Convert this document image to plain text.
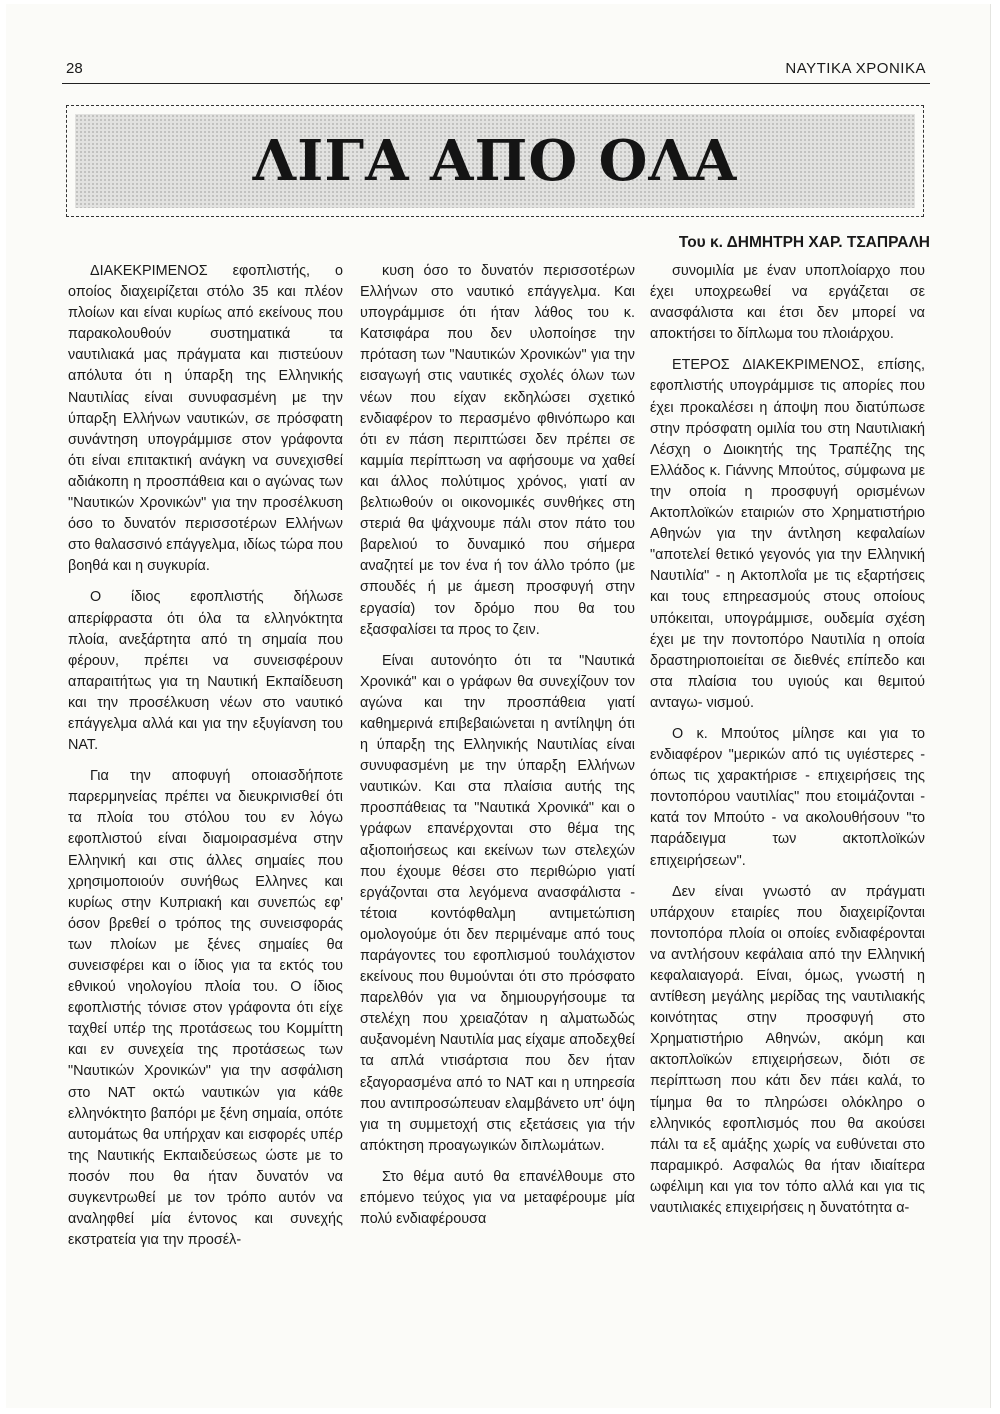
28	ΝΑΥΤΙΚΑ ΧΡΟΝΙΚΑ
ΛΙΓΑ ΑΠΟ ΟΛΑ
Του κ. ΔΗΜΗΤΡΗ ΧΑΡ. ΤΣΑΠΡΑΛΗ

ΔΙΑΚΕΚΡΙΜΕΝΟΣ εφοπλιστής, ο οποίος διαχειρίζεται στόλο 35 και πλέον πλοίων και είναι κυρίως από εκείνους που παρακολουθούν συστηματικά τα ναυτιλιακά μας πράγματα και πιστεύουν απόλυτα ότι η ύπαρξη της Ελληνικής Ναυτιλίας είναι συνυφασμένη με την ύπαρξη Ελλήνων ναυτικών, σε πρόσφατη συνάντηση υπογράμμισε στον γράφοντα ότι είναι επιτακτική ανάγκη να συνεχισθεί αδιάκοπη η προσπάθεια και ο αγώνας των "Ναυτικών Χρονικών" για την προσέλκυση όσο το δυνατόν περισσοτέρων Ελλήνων στο θαλασσινό επάγγελμα, ιδίως τώρα που βοηθά και η συγκυρία.

Ο ίδιος εφοπλιστής δήλωσε απερίφραστα ότι όλα τα ελληνόκτητα πλοία, ανεξάρτητα από τη σημαία που φέρουν, πρέπει να συνεισφέρουν απαραιτήτως για τη Ναυτική Εκπαίδευση και την προσέλκυση νέων στο ναυτικό επάγγελμα αλλά και για την εξυγίανση του ΝΑΤ.

Για την αποφυγή οποιασδήποτε παρερμηνείας πρέπει να διευκρινισθεί ότι τα πλοία του στόλου του εν λόγω εφοπλιστού είναι διαμοιρασμένα στην Ελληνική και στις άλλες σημαίες που χρησιμοποιούν συνήθως Ελληνες και κυρίως στην Κυπριακή και συνεπώς εφ' όσον βρεθεί ο τρόπος της συνεισφοράς των πλοίων με ξένες σημαίες θα συνεισφέρει και ο ίδιος για τα εκτός του εθνικού νηολογίου πλοία του. Ο ίδιος εφοπλιστής τόνισε στον γράφοντα ότι είχε ταχθεί υπέρ της προτάσεως του Κομμίττη και εν συνεχεία της προτάσεως των "Ναυτικών Χρονικών" για την ασφάλιση στο ΝΑΤ οκτώ ναυτικών για κάθε ελληνόκτητο βαπόρι με ξένη σημαία, οπότε αυτομάτως θα υπήρχαν και εισφορές υπέρ της Ναυτικής Εκπαιδεύσεως ώστε με το ποσόν που θα ήταν δυνατόν να συγκεντρωθεί με τον τρόπο αυτόν να αναληφθεί μία έντονος και συνεχής εκστρατεία για την προσέλ-

κυση όσο το δυνατόν περισσοτέρων Ελλήνων στο ναυτικό επάγγελμα. Και υπογράμμισε ότι ήταν λάθος του κ. Κατσιφάρα που δεν υλοποίησε την πρόταση των "Ναυτικών Χρονικών" για την εισαγωγή στις ναυτικές σχολές όλων των νέων που είχαν εκδηλώσει σχετικό ενδιαφέρον το περασμένο φθινόπωρο και ότι εν πάση περιπτώσει δεν πρέπει σε καμμία περίπτωση να αφήσουμε να χαθεί και άλλος πολύτιμος χρόνος, γιατί αν βελτιωθούν οι οικονομικές συνθήκες στη στεριά θα ψάχνουμε πάλι στον πάτο του βαρελιού το δυναμικό που σήμερα αναζητεί με τον ένα ή τον άλλο τρόπο (με σπουδές ή με άμεση προσφυγή στην εργασία) τον δρόμο που θα του εξασφαλίσει τα προς το ζειν.

Είναι αυτονόητο ότι τα "Ναυτικά Χρονικά" και ο γράφων θα συνεχίζουν τον αγώνα και την προσπάθεια γιατί καθημερινά επιβεβαιώνεται η αντίληψη ότι η ύπαρξη της Ελληνικής Ναυτιλίας είναι συνυφασμένη με την ύπαρξη Ελλήνων ναυτικών. Και στα πλαίσια αυτής της προσπάθειας τα "Ναυτικά Χρονικά" και ο γράφων επανέρχονται στο θέμα της αξιοποιήσεως και εκείνων των στελεχών που έχουμε θέσει στο περιθώριο γιατί εργάζονται στα λεγόμενα ανασφάλιστα - τέτοια κοντόφθαλμη αντιμετώπιση ομολογούμε ότι δεν περιμέναμε από τους παράγοντες του εφοπλισμού τουλάχιστον εκείνους που θυμούνται ότι στο πρόσφατο παρελθόν για να δημιουργήσουμε τα στελέχη που χρειαζόταν η αλματωδώς αυξανομένη Ναυτιλία μας είχαμε αποδεχθεί τα απλά ντισάρτσια που δεν ήταν εξαγορασμένα από το ΝΑΤ και η υπηρεσία που αντιπροσώπευαν ελαμβάνετο υπ' όψη για τη συμμετοχή στις εξετάσεις για τήν απόκτηση προαγωγικών διπλωμάτων.

Στο θέμα αυτό θα επανέλθουμε στο επόμενο τεύχος για να μεταφέρουμε μία πολύ ενδιαφέρουσα

συνομιλία με έναν υποπλοίαρχο που έχει υποχρεωθεί να εργάζεται σε ανασφάλιστα και έτσι δεν μπορεί να αποκτήσει το δίπλωμα του πλοιάρχου.

ΕΤΕΡΟΣ ΔΙΑΚΕΚΡΙΜΕΝΟΣ, επίσης, εφοπλιστής υπογράμμισε τις απορίες που έχει προκαλέσει η άποψη που διατύπωσε στην πρόσφατη ομιλία του στη Ναυτιλιακή Λέσχη ο Διοικητής της Τραπέζης της Ελλάδος κ. Γιάννης Μπούτος, σύμφωνα με την οποία η προσφυγή ορισμένων Ακτοπλοϊκών εταιριών στο Χρηματιστήριο Αθηνών για την άντληση κεφαλαίων "αποτελεί θετικό γεγονός για την Ελληνική Ναυτιλία" - η Ακτοπλοΐα με τις εξαρτήσεις και τους επηρεασμούς στους οποίους υπόκειται, υπογράμμισε, ουδεμία σχέση έχει με την ποντοπόρο Ναυτιλία η οποία δραστηριοποιείται σε διεθνές επίπεδο και στα πλαίσια του υγιούς και θεμιτού ανταγω- νισμού.

Ο κ. Μπούτος μίλησε και για το ενδιαφέρον "μερικών από τις υγιέστερες - όπως τις χαρακτήρισε - επιχειρήσεις της ποντοπόρου ναυτιλίας" που ετοιμάζονται - κατά τον Μπούτο - να ακολουθήσουν "το παράδειγμα των ακτοπλοϊκών επιχειρήσεων".

Δεν είναι γνωστό αν πράγματι υπάρχουν εταιρίες που διαχειρίζονται ποντοπόρα πλοία οι οποίες ενδιαφέρονται να αντλήσουν κεφάλαια από την Ελληνική κεφαλαιαγορά. Είναι, όμως, γνωστή η αντίθεση μεγάλης μερίδας της ναυτιλιακής κοινότητας στην προσφυγή στο Χρηματιστήριο Αθηνών, ακόμη και ακτοπλοϊκών επιχειρήσεων, διότι σε περίπτωση που κάτι δεν πάει καλά, το τίμημα θα το πληρώσει ολόκληρο ο ελληνικός εφοπλισμός που θα ακούσει πάλι τα εξ αμάξης χωρίς να ευθύνεται στο παραμικρό. Ασφαλώς θα ήταν ιδιαίτερα ωφέλιμη και για τον τόπο αλλά και για τις ναυτιλιακές επιχειρήσεις η δυνατότητα α-
